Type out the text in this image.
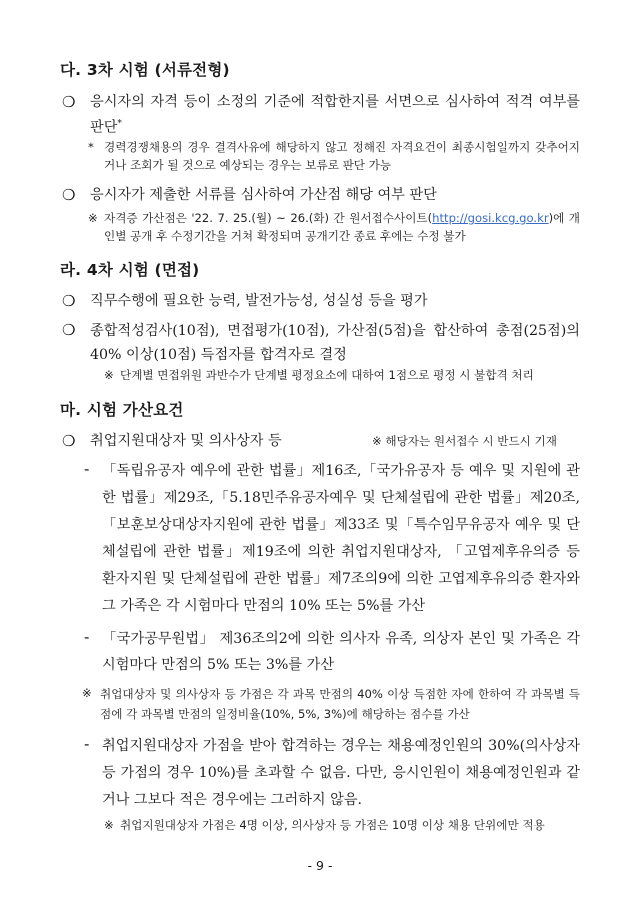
다. 3차 시험 (서류전형)
❍ 응시자의 자격 등이 소정의 기준에 적합한지를 서면으로 심사하여 적격 여부를 판단*
* 경력경쟁채용의 경우 결격사유에 해당하지 않고 정해진 자격요건이 최종시험일까지 갖추어지거나 조회가 될 것으로 예상되는 경우는 보류로 판단 가능
❍ 응시자가 제출한 서류를 심사하여 가산점 해당 여부 판단
※ 자격증 가산점은 '22. 7. 25.(월) ~ 26.(화) 간 원서접수사이트(http://gosi.kcg.go.kr)에 개인별 공개 후 수정기간을 거쳐 확정되며 공개기간 종료 후에는 수정 불가
라. 4차 시험 (면접)
❍ 직무수행에 필요한 능력, 발전가능성, 성실성 등을 평가
❍ 종합적성검사(10점), 면접평가(10점), 가산점(5점)을 합산하여 총점(25점)의 40% 이상(10점) 득점자를 합격자로 결정
※ 단계별 면접위원 과반수가 단계별 평정요소에 대하여 1점으로 평정 시 불합격 처리
마. 시험 가산요건
❍ 취업지원대상자 및 의사상자 등	※ 해당자는 원서접수 시 반드시 기재
- 「독립유공자 예우에 관한 법률」제16조,「국가유공자 등 예우 및 지원에 관한 법률」제29조,「5.18민주유공자예우 및 단체설립에 관한 법률」제20조,「보훈보상대상자지원에 관한 법률」제33조 및「특수임무유공자 예우 및 단체설립에 관한 법률」제19조에 의한 취업지원대상자, 「고엽제후유의증 등 환자지원 및 단체설립에 관한 법률」제7조의9에 의한 고엽제후유의증 환자와 그 가족은 각 시험마다 만점의 10% 또는 5%를 가산
- 「국가공무원법」 제36조의2에 의한 의사자 유족, 의상자 본인 및 가족은 각 시험마다 만점의 5% 또는 3%를 가산
※ 취업대상자 및 의사상자 등 가점은 각 과목 만점의 40% 이상 득점한 자에 한하여 각 과목별 득점에 각 과목별 만점의 일정비율(10%, 5%, 3%)에 해당하는 점수를 가산
- 취업지원대상자 가점을 받아 합격하는 경우는 채용예정인원의 30%(의사상자 등 가점의 경우 10%)를 초과할 수 없음. 다만, 응시인원이 채용예정인원과 같거나 그보다 적은 경우에는 그러하지 않음.
※ 취업지원대상자 가점은 4명 이상, 의사상자 등 가점은 10명 이상 채용 단위에만 적용
- 9 -
